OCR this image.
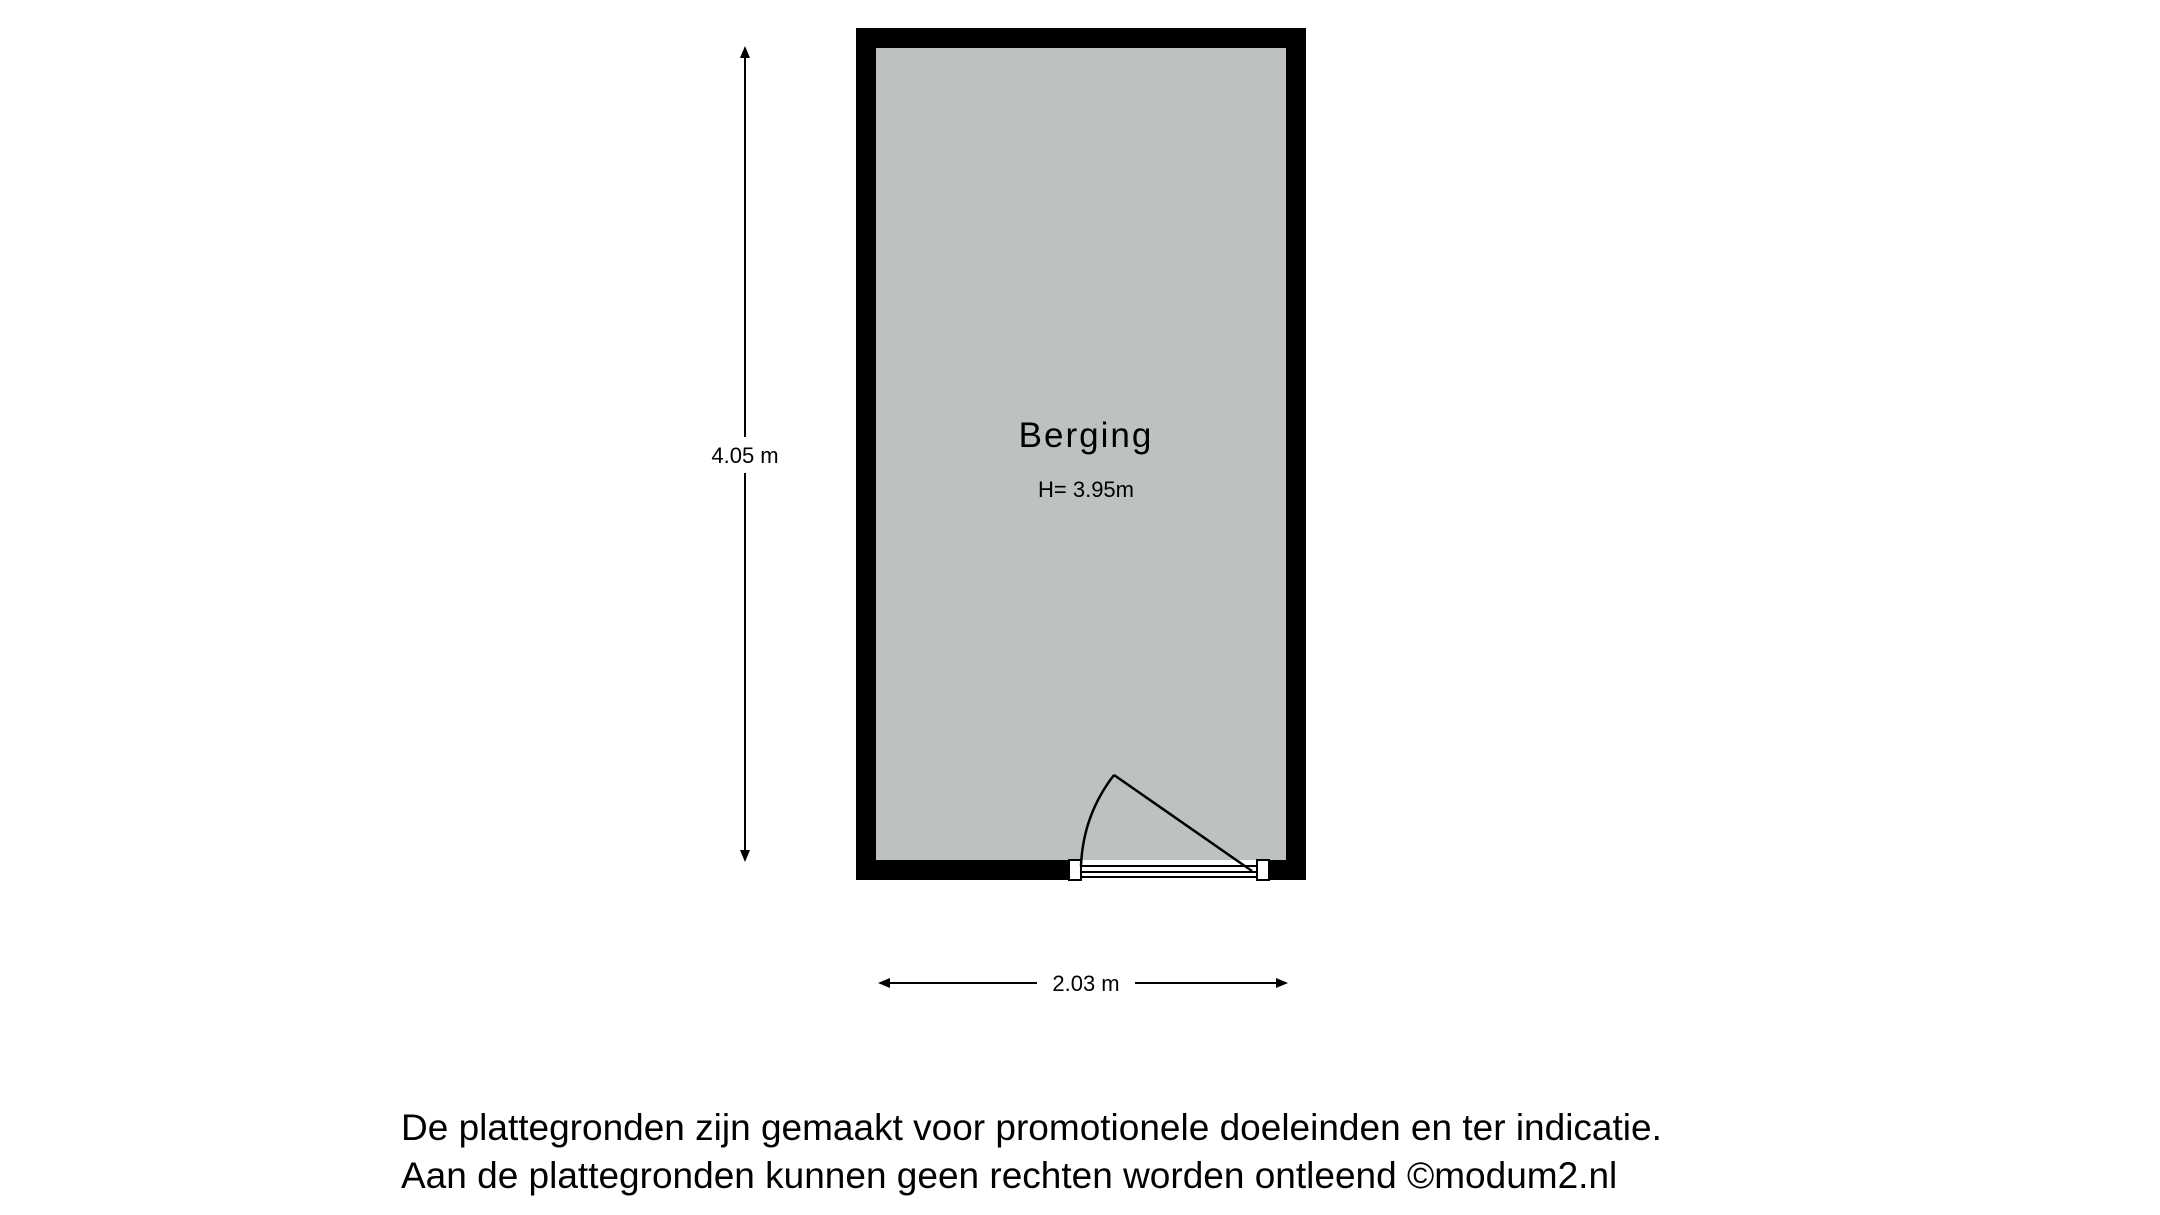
Berging
H= 3.95m
4.05 m
2.03 m
De plattegronden zijn gemaakt voor promotionele doeleinden en ter indicatie.
Aan de plattegronden kunnen geen rechten worden ontleend ©modum2.nl
